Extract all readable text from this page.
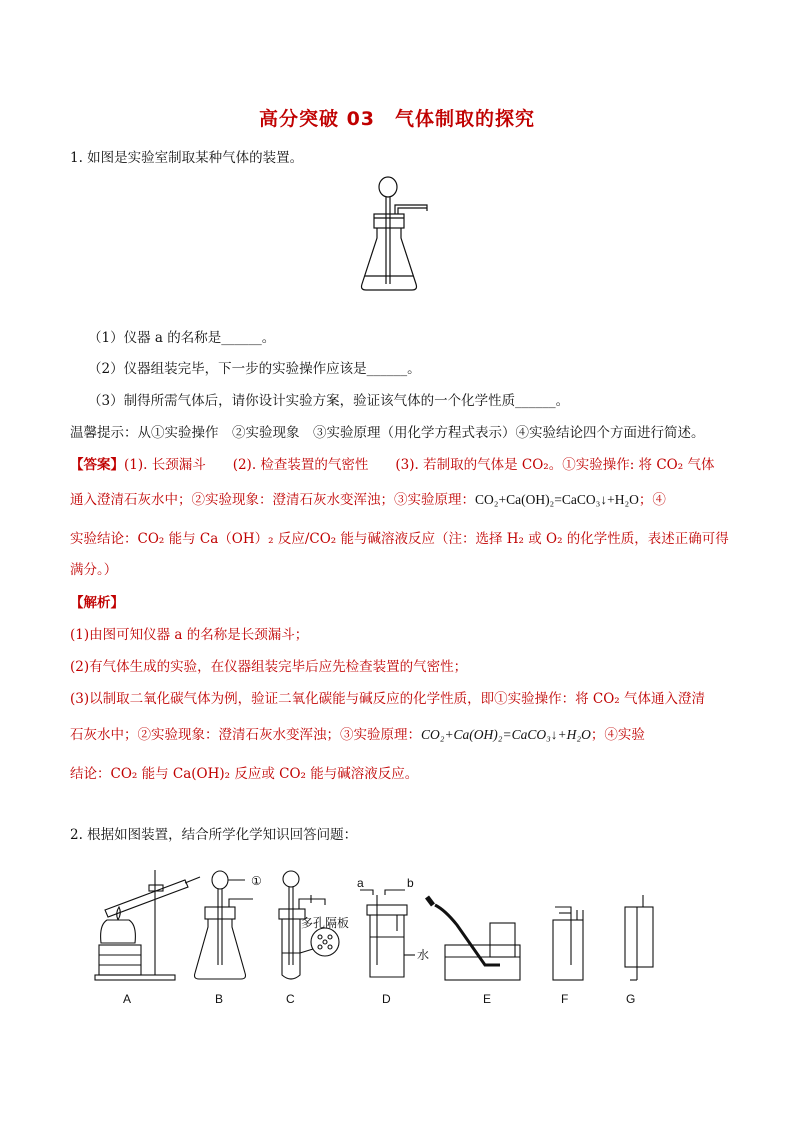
高分突破 03　气体制取的探究
1. 如图是实验室制取某种气体的装置。
（1）仪器 a 的名称是______。
（2）仪器组装完毕，下一步的实验操作应该是______。
（3）制得所需气体后，请你设计实验方案，验证该气体的一个化学性质______。
温馨提示：从①实验操作　②实验现象　③实验原理（用化学方程式表示）④实验结论四个方面进行简述。
【答案】(1). 长颈漏斗　　(2). 检查装置的气密性　　(3). 若制取的气体是 CO₂。①实验操作: 将 CO₂ 气体
通入澄清石灰水中；②实验现象：澄清石灰水变浑浊；③实验原理：CO₂+Ca(OH)₂=CaCO₃↓+H₂O；④
实验结论：CO₂ 能与 Ca（OH）₂ 反应/CO₂ 能与碱溶液反应（注：选择 H₂ 或 O₂ 的化学性质，表述正确可得
满分。）
【解析】
(1)由图可知仪器 a 的名称是长颈漏斗；
(2)有气体生成的实验，在仪器组装完毕后应先检查装置的气密性；
(3)以制取二氧化碳气体为例，验证二氧化碳能与碱反应的化学性质，即①实验操作：将 CO₂ 气体通入澄清
石灰水中；②实验现象：澄清石灰水变浑浊；③实验原理：CO₂+Ca(OH)₂=CaCO₃↓+H₂O；④实验
结论：CO₂ 能与 Ca(OH)₂ 反应或 CO₂ 能与碱溶液反应。
2. 根据如图装置，结合所学化学知识回答问题：
①
多孔隔板
a	b
水
A	B	C	D	E	F	G
